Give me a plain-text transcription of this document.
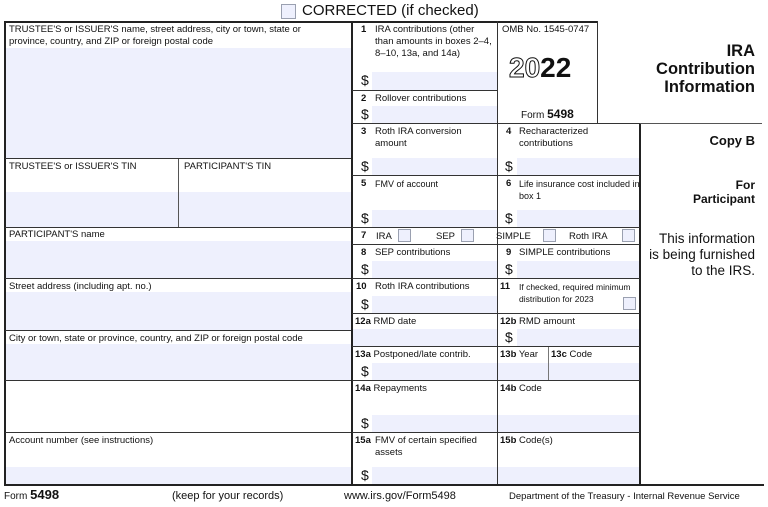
CORRECTED (if checked)
TRUSTEE'S or ISSUER'S name, street address, city or town, state or province, country, and ZIP or foreign postal code
TRUSTEE'S or ISSUER'S TIN	PARTICIPANT'S TIN
PARTICIPANT'S name
Street address (including apt. no.)
City or town, state or province, country, and ZIP or foreign postal code
Account number (see instructions)
1 IRA contributions (other than amounts in boxes 2–4, 8–10, 13a, and 14a)
$
2 Rollover contributions
$
OMB No. 1545-0747
2022
Form 5498
IRA
Contribution
Information
Copy B
For
Participant
This information is being furnished to the IRS.
3 Roth IRA conversion amount
$
4 Recharacterized contributions
$
5 FMV of account
$
6 Life insurance cost included in box 1
$
7 IRA	SEP	SIMPLE	Roth IRA
8 SEP contributions
$
9 SIMPLE contributions
$
10 Roth IRA contributions
$
11 If checked, required minimum distribution for 2023
12a RMD date	12b RMD amount
$
13a Postponed/late contrib.
$
13b Year 13c Code
14a Repayments
$
14b Code
15a FMV of certain specified assets
$
15b Code(s)
Form 5498	(keep for your records)	www.irs.gov/Form5498	Department of the Treasury - Internal Revenue Service
